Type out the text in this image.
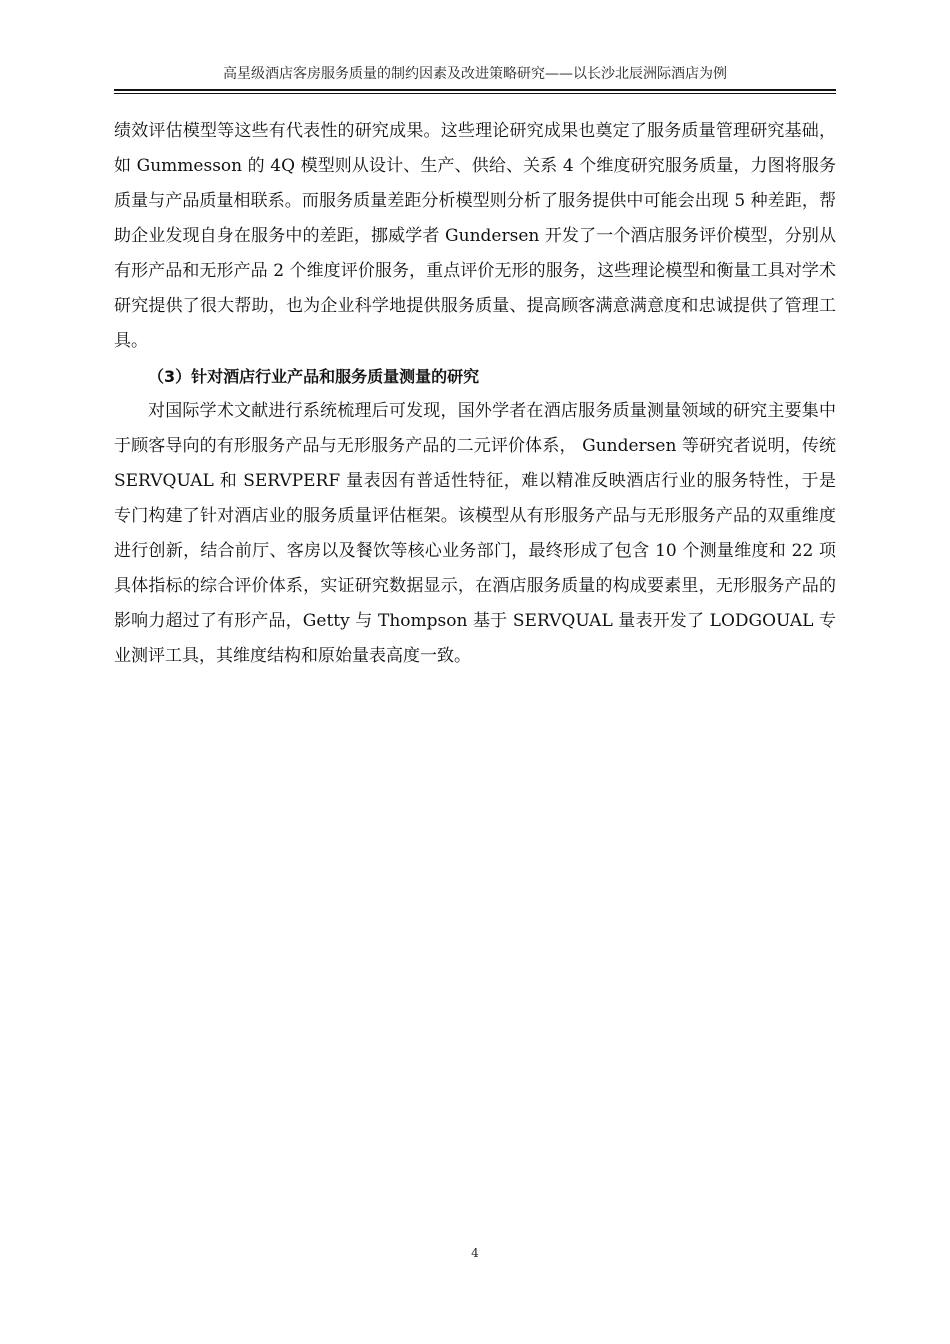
高星级酒店客房服务质量的制约因素及改进策略研究——以长沙北辰洲际酒店为例

绩效评估模型等这些有代表性的研究成果。这些理论研究成果也奠定了服务质量管理研究基础，如 Gummesson 的 4Q 模型则从设计、生产、供给、关系 4 个维度研究服务质量，力图将服务质量与产品质量相联系。而服务质量差距分析模型则分析了服务提供中可能会出现 5 种差距，帮助企业发现自身在服务中的差距，挪威学者 Gundersen 开发了一个酒店服务评价模型，分别从有形产品和无形产品 2 个维度评价服务，重点评价无形的服务，这些理论模型和衡量工具对学术研究提供了很大帮助，也为企业科学地提供服务质量、提高顾客满意满意度和忠诚提供了管理工具。

（3）针对酒店行业产品和服务质量测量的研究

对国际学术文献进行系统梳理后可发现，国外学者在酒店服务质量测量领域的研究主要集中于顾客导向的有形服务产品与无形服务产品的二元评价体系， Gundersen 等研究者说明，传统 SERVQUAL 和 SERVPERF 量表因有普适性特征，难以精准反映酒店行业的服务特性，于是专门构建了针对酒店业的服务质量评估框架。该模型从有形服务产品与无形服务产品的双重维度进行创新，结合前厅、客房以及餐饮等核心业务部门，最终形成了包含 10 个测量维度和 22 项具体指标的综合评价体系，实证研究数据显示，在酒店服务质量的构成要素里，无形服务产品的影响力超过了有形产品，Getty 与 Thompson 基于 SERVQUAL 量表开发了 LODGOUAL 专业测评工具，其维度结构和原始量表高度一致。

4
